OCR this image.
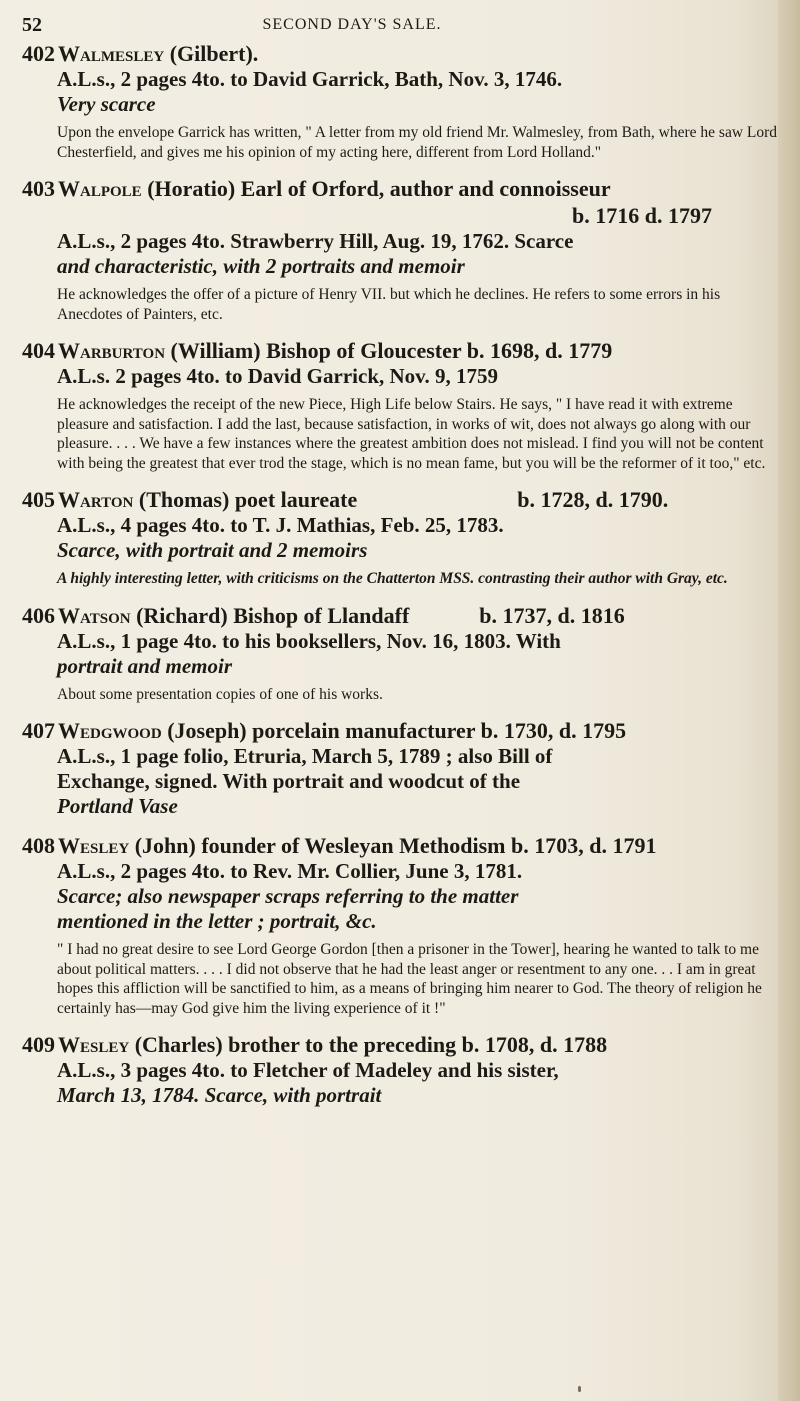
52	SECOND DAY'S SALE.
402 Walmesley (Gilbert).
A.L.s., 2 pages 4to. to David Garrick, Bath, Nov. 3, 1746.
Very scarce
Upon the envelope Garrick has written, " A letter from my old friend Mr. Walmesley, from Bath, where he saw Lord Chesterfield, and gives me his opinion of my acting here, different from Lord Holland."
403 Walpole (Horatio) Earl of Orford, author and connoisseur
b. 1716 d. 1797
A.L.s., 2 pages 4to. Strawberry Hill, Aug. 19, 1762. Scarce
and characteristic, with 2 portraits and memoir
He acknowledges the offer of a picture of Henry VII. but which he declines. He refers to some errors in his Anecdotes of Painters, etc.
404 Warburton (William) Bishop of Gloucester b. 1698, d. 1779
A.L.s. 2 pages 4to. to David Garrick, Nov. 9, 1759
He acknowledges the receipt of the new Piece, High Life below Stairs. He says, " I have read it with extreme pleasure and satisfaction. I add the last, because satisfaction, in works of wit, does not always go along with our pleasure. . . . We have a few instances where the greatest ambition does not mislead. I find you will not be content with being the greatest that ever trod the stage, which is no mean fame, but you will be the reformer of it too," etc.
405 Warton (Thomas) poet laureate	b. 1728, d. 1790.
A.L.s., 4 pages 4to. to T. J. Mathias, Feb. 25, 1783.
Scarce, with portrait and 2 memoirs
A highly interesting letter, with criticisms on the Chatterton MSS. contrasting their author with Gray, etc.
406 Watson (Richard) Bishop of Llandaff	b. 1737, d. 1816
A.L.s., 1 page 4to. to his booksellers, Nov. 16, 1803. With
portrait and memoir
About some presentation copies of one of his works.
407 Wedgwood (Joseph) porcelain manufacturer b. 1730, d. 1795
A.L.s., 1 page folio, Etruria, March 5, 1789 ; also Bill of
Exchange, signed. With portrait and woodcut of the
Portland Vase
408 Wesley (John) founder of Wesleyan Methodism b. 1703, d. 1791
A.L.s., 2 pages 4to. to Rev. Mr. Collier, June 3, 1781.
Scarce; also newspaper scraps referring to the matter
mentioned in the letter ; portrait, &c.
" I had no great desire to see Lord George Gordon [then a prisoner in the Tower], hearing he wanted to talk to me about political matters. . . . I did not observe that he had the least anger or resentment to any one. . . I am in great hopes this affliction will be sanctified to him, as a means of bringing him nearer to God. The theory of religion he certainly has—may God give him the living experience of it !"
409 Wesley (Charles) brother to the preceding b. 1708, d. 1788
A.L.s., 3 pages 4to. to Fletcher of Madeley and his sister,
March 13, 1784. Scarce, with portrait
